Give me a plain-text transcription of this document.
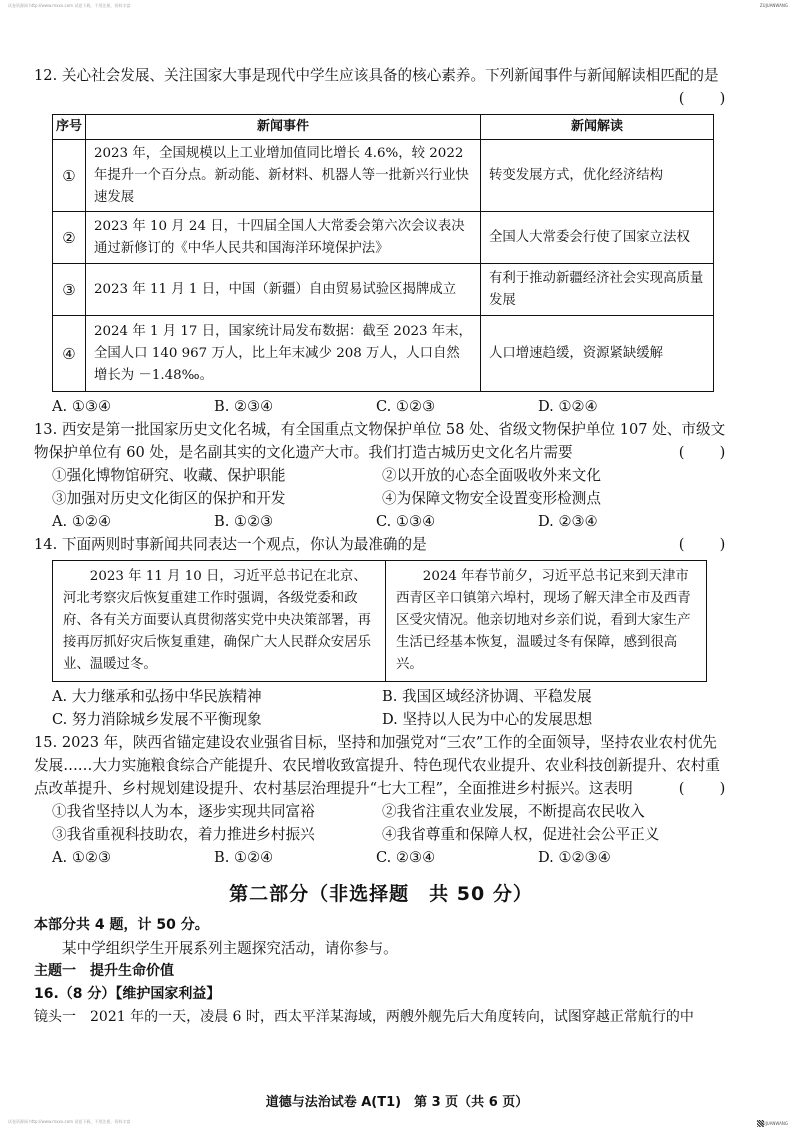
试卷资源网 http://www.mxxx.com 试卷下载，不用注册，资料丰富	ZUJUANWANG

12. 关心社会发展、关注国家大事是现代中学生应该具备的核心素养。下列新闻事件与新闻解读相匹配的是

(　　)
序号	新闻事件	新闻解读
①	2023 年，全国规模以上工业增加值同比增长 4.6%，较 2022 年提升一个百分点。新动能、新材料、机器人等一批新兴行业快速发展	转变发展方式，优化经济结构
②	2023 年 10 月 24 日，十四届全国人大常委会第六次会议表决通过新修订的《中华人民共和国海洋环境保护法》	全国人大常委会行使了国家立法权
③	2023 年 11 月 1 日，中国（新疆）自由贸易试验区揭牌成立	有利于推动新疆经济社会实现高质量发展
④	2024 年 1 月 17 日，国家统计局发布数据：截至 2023 年末，全国人口 140 967 万人，比上年末减少 208 万人，人口自然增长为 －1.48‰。	人口增速趋缓，资源紧缺缓解
A. ①③④	B. ②③④	C. ①②③	D. ①②④

13. 西安是第一批国家历史文化名城，有全国重点文物保护单位 58 处、省级文物保护单位 107 处、市级文物保护单位有 60 处，是名副其实的文化遗产大市。我们打造古城历史文化名片需要	(　　)

①强化博物馆研究、收藏、保护职能	②以开放的心态全面吸收外来文化
③加强对历史文化街区的保护和开发	④为保障文物安全设置变形检测点
A. ①②④	B. ①②③	C. ①③④	D. ②③④

14. 下面两则时事新闻共同表达一个观点，你认为最准确的是	(　　)

2023 年 11 月 10 日，习近平总书记在北京、河北考察灾后恢复重建工作时强调，各级党委和政府、各有关方面要认真贯彻落实党中央决策部署，再接再厉抓好灾后恢复重建，确保广大人民群众安居乐业、温暖过冬。
2024 年春节前夕，习近平总书记来到天津市西青区辛口镇第六埠村，现场了解天津全市及西青区受灾情况。他亲切地对乡亲们说，看到大家生产生活已经基本恢复，温暖过冬有保障，感到很高兴。
A. 大力继承和弘扬中华民族精神	B. 我国区域经济协调、平稳发展
C. 努力消除城乡发展不平衡现象	D. 坚持以人民为中心的发展思想

15. 2023 年，陕西省锚定建设农业强省目标，坚持和加强党对“三农”工作的全面领导，坚持农业农村优先发展……大力实施粮食综合产能提升、农民增收致富提升、特色现代农业提升、农业科技创新提升、农村重点改革提升、乡村规划建设提升、农村基层治理提升“七大工程”，全面推进乡村振兴。这表明	(　　)

①我省坚持以人为本，逐步实现共同富裕	②我省注重农业发展，不断提高农民收入
③我省重视科技助农，着力推进乡村振兴	④我省尊重和保障人权，促进社会公平正义
A. ①②③	B. ①②④	C. ②③④	D. ①②③④
第二部分（非选择题　共 50 分）
本部分共 4 题，计 50 分。
某中学组织学生开展系列主题探究活动，请你参与。
主题一　提升生命价值
16.（8 分）【维护国家利益】
镜头一　2021 年的一天，凌晨 6 时，西太平洋某海域，两艘外舰先后大角度转向，试图穿越正常航行的中
道德与法治试卷 A(T1)　第 3 页（共 6 页）
试卷资源网 http://www.mxxx.com 试卷下载，不用注册，资料丰富	ZUJUANWANG
